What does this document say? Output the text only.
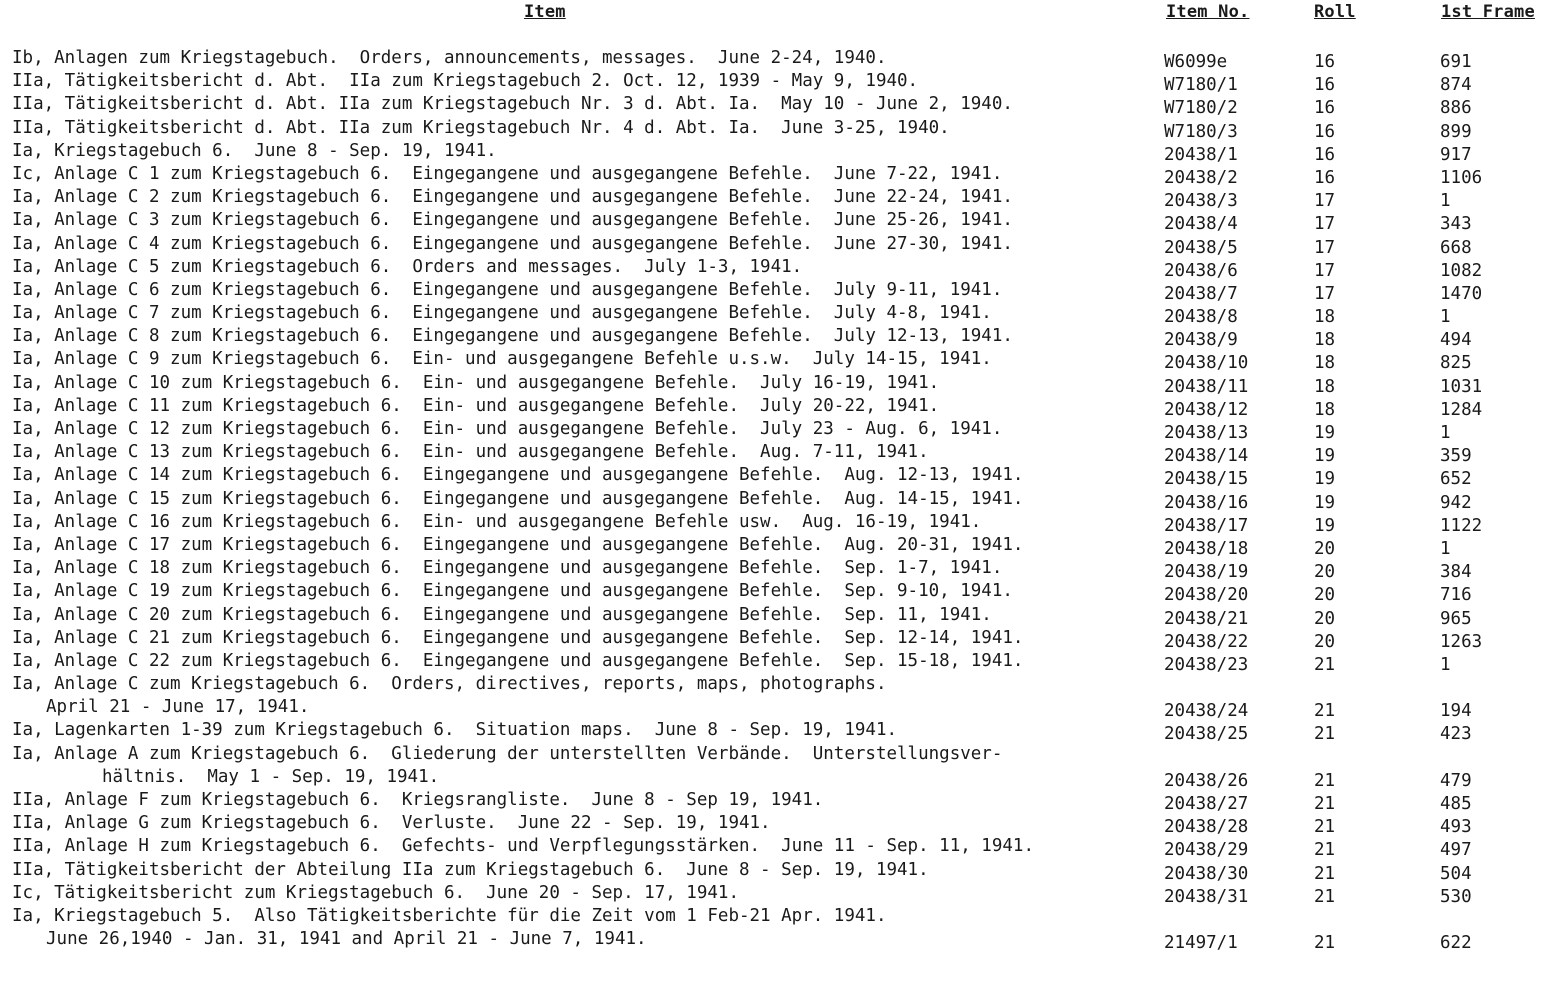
Item	Item No.	Roll	1st Frame
Ib, Anlagen zum Kriegstagebuch.  Orders, announcements, messages.  June 2-24, 1940.	W6099e	16	691
IIa, Tätigkeitsbericht d. Abt.  IIa zum Kriegstagebuch 2. Oct. 12, 1939 - May 9, 1940.	W7180/1	16	874
IIa, Tätigkeitsbericht d. Abt. IIa zum Kriegstagebuch Nr. 3 d. Abt. Ia.  May 10 - June 2, 1940.	W7180/2	16	886
IIa, Tätigkeitsbericht d. Abt. IIa zum Kriegstagebuch Nr. 4 d. Abt. Ia.  June 3-25, 1940.	W7180/3	16	899
Ia, Kriegstagebuch 6.  June 8 - Sep. 19, 1941.	20438/1	16	917
Ic, Anlage C 1 zum Kriegstagebuch 6.  Eingegangene und ausgegangene Befehle.  June 7-22, 1941.	20438/2	16	1106
Ia, Anlage C 2 zum Kriegstagebuch 6.  Eingegangene und ausgegangene Befehle.  June 22-24, 1941.	20438/3	17	1
Ia, Anlage C 3 zum Kriegstagebuch 6.  Eingegangene und ausgegangene Befehle.  June 25-26, 1941.	20438/4	17	343
Ia, Anlage C 4 zum Kriegstagebuch 6.  Eingegangene und ausgegangene Befehle.  June 27-30, 1941.	20438/5	17	668
Ia, Anlage C 5 zum Kriegstagebuch 6.  Orders and messages.  July 1-3, 1941.	20438/6	17	1082
Ia, Anlage C 6 zum Kriegstagebuch 6.  Eingegangene und ausgegangene Befehle.  July 9-11, 1941.	20438/7	17	1470
Ia, Anlage C 7 zum Kriegstagebuch 6.  Eingegangene und ausgegangene Befehle.  July 4-8, 1941.	20438/8	18	1
Ia, Anlage C 8 zum Kriegstagebuch 6.  Eingegangene und ausgegangene Befehle.  July 12-13, 1941.	20438/9	18	494
Ia, Anlage C 9 zum Kriegstagebuch 6.  Ein- und ausgegangene Befehle u.s.w.  July 14-15, 1941.	20438/10	18	825
Ia, Anlage C 10 zum Kriegstagebuch 6.  Ein- und ausgegangene Befehle.  July 16-19, 1941.	20438/11	18	1031
Ia, Anlage C 11 zum Kriegstagebuch 6.  Ein- und ausgegangene Befehle.  July 20-22, 1941.	20438/12	18	1284
Ia, Anlage C 12 zum Kriegstagebuch 6.  Ein- und ausgegangene Befehle.  July 23 - Aug. 6, 1941.	20438/13	19	1
Ia, Anlage C 13 zum Kriegstagebuch 6.  Ein- und ausgegangene Befehle.  Aug. 7-11, 1941.	20438/14	19	359
Ia, Anlage C 14 zum Kriegstagebuch 6.  Eingegangene und ausgegangene Befehle.  Aug. 12-13, 1941.	20438/15	19	652
Ia, Anlage C 15 zum Kriegstagebuch 6.  Eingegangene und ausgegangene Befehle.  Aug. 14-15, 1941.	20438/16	19	942
Ia, Anlage C 16 zum Kriegstagebuch 6.  Ein- und ausgegangene Befehle usw.  Aug. 16-19, 1941.	20438/17	19	1122
Ia, Anlage C 17 zum Kriegstagebuch 6.  Eingegangene und ausgegangene Befehle.  Aug. 20-31, 1941.	20438/18	20	1
Ia, Anlage C 18 zum Kriegstagebuch 6.  Eingegangene und ausgegangene Befehle.  Sep. 1-7, 1941.	20438/19	20	384
Ia, Anlage C 19 zum Kriegstagebuch 6.  Eingegangene und ausgegangene Befehle.  Sep. 9-10, 1941.	20438/20	20	716
Ia, Anlage C 20 zum Kriegstagebuch 6.  Eingegangene und ausgegangene Befehle.  Sep. 11, 1941.	20438/21	20	965
Ia, Anlage C 21 zum Kriegstagebuch 6.  Eingegangene und ausgegangene Befehle.  Sep. 12-14, 1941.	20438/22	20	1263
Ia, Anlage C 22 zum Kriegstagebuch 6.  Eingegangene und ausgegangene Befehle.  Sep. 15-18, 1941.	20438/23	21	1
Ia, Anlage C zum Kriegstagebuch 6.  Orders, directives, reports, maps, photographs.
April 21 - June 17, 1941.	20438/24	21	194
Ia, Lagenkarten 1-39 zum Kriegstagebuch 6.  Situation maps.  June 8 - Sep. 19, 1941.	20438/25	21	423
Ia, Anlage A zum Kriegstagebuch 6.  Gliederung der unterstellten Verbände.  Unterstellungsver-
hältnis.  May 1 - Sep. 19, 1941.	20438/26	21	479
IIa, Anlage F zum Kriegstagebuch 6.  Kriegsrangliste.  June 8 - Sep 19, 1941.	20438/27	21	485
IIa, Anlage G zum Kriegstagebuch 6.  Verluste.  June 22 - Sep. 19, 1941.	20438/28	21	493
IIa, Anlage H zum Kriegstagebuch 6.  Gefechts- und Verpflegungsstärken.  June 11 - Sep. 11, 1941.	20438/29	21	497
IIa, Tätigkeitsbericht der Abteilung IIa zum Kriegstagebuch 6.  June 8 - Sep. 19, 1941.	20438/30	21	504
Ic, Tätigkeitsbericht zum Kriegstagebuch 6.  June 20 - Sep. 17, 1941.	20438/31	21	530
Ia, Kriegstagebuch 5.  Also Tätigkeitsberichte für die Zeit vom 1 Feb-21 Apr. 1941.
June 26,1940 - Jan. 31, 1941 and April 21 - June 7, 1941.	21497/1	21	622
